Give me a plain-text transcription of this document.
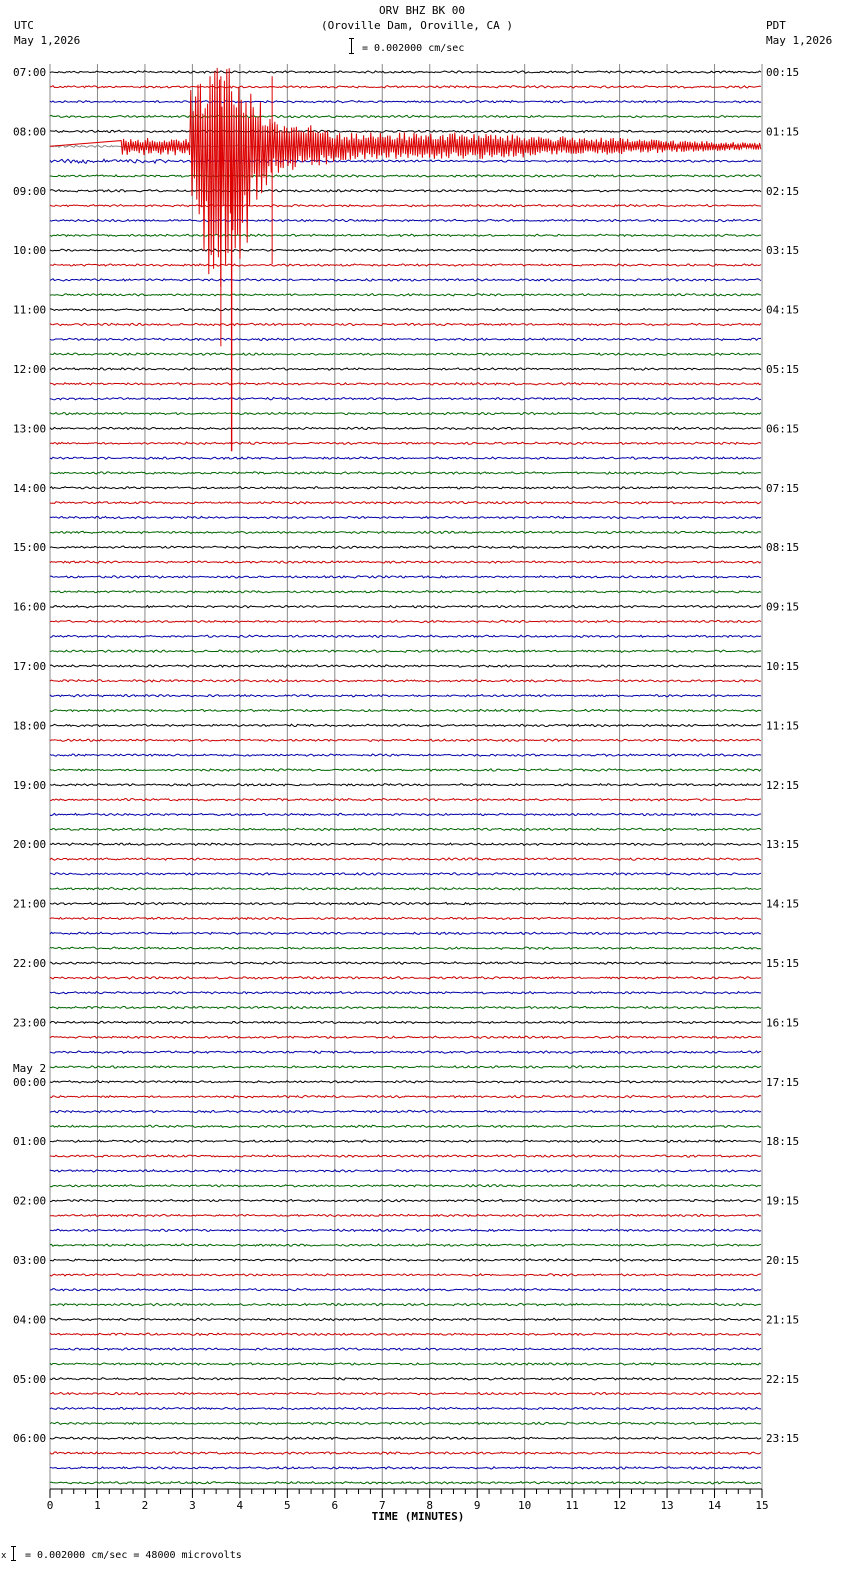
ORV BHZ BK 00
(Oroville Dam, Oroville, CA )
UTC
May 1,2026
PDT
May 1,2026
= 0.002000 cm/sec
07:00
08:00
09:00
10:00
11:00
12:00
13:00
14:00
15:00
16:00
17:00
18:00
19:00
20:00
21:00
22:00
23:00
00:00
May 2
01:00
02:00
03:00
04:00
05:00
06:00
00:15
01:15
02:15
03:15
04:15
05:15
06:15
07:15
08:15
09:15
10:15
11:15
12:15
13:15
14:15
15:15
16:15
17:15
18:15
19:15
20:15
21:15
22:15
23:15
0	1	2	3	4	5	6	7	8	9	10	11	12	13	14	15
TIME (MINUTES)
x = 0.002000 cm/sec = 48000 microvolts
